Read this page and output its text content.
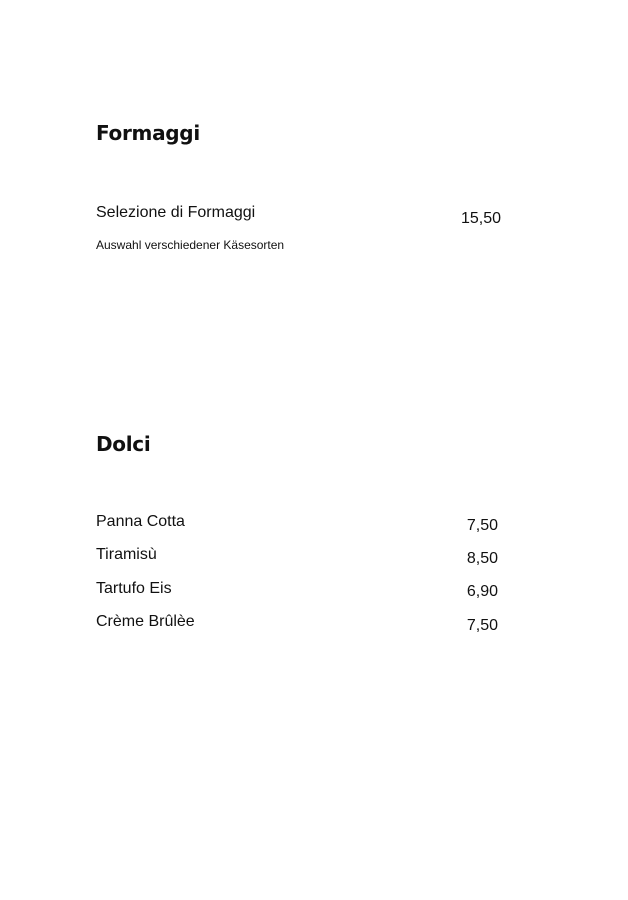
Formaggi

Selezione di Formaggi	15,50

Auswahl verschiedener Käsesorten

Dolci

Panna Cotta	7,50

Tiramisù	8,50

Tartufo Eis	6,90

Crème Brûlèe	7,50
